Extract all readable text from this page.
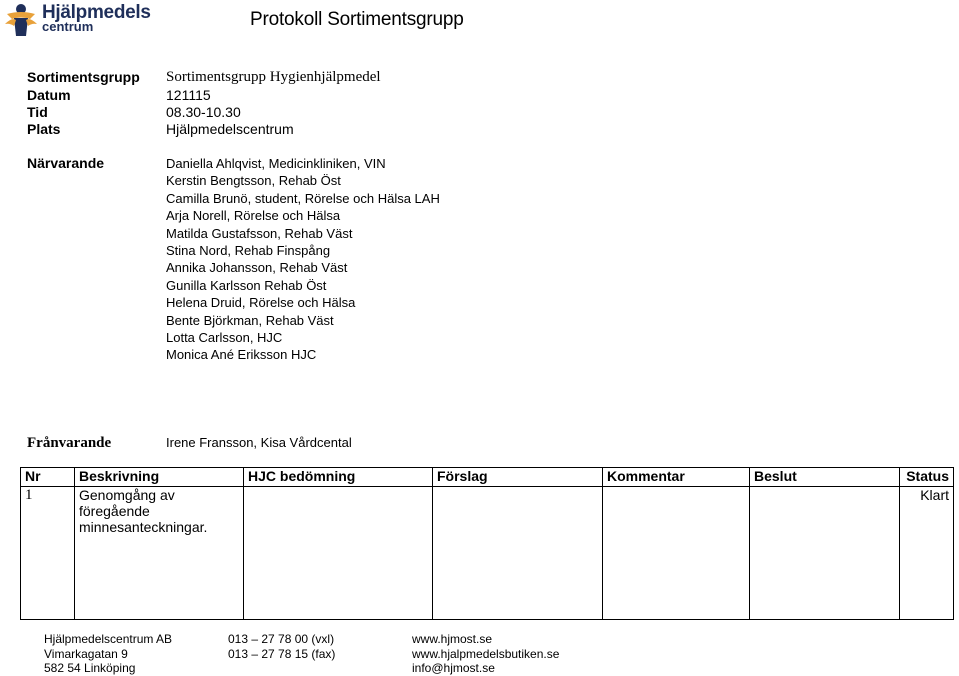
Hjälpmedels
centrum	Protokoll Sortimentsgrupp
Sortimentsgrupp Sortimentsgrupp Hygienhjälpmedel
Datum	121115
Tid	08.30-10.30
Plats	Hjälpmedelscentrum
Närvarande	Daniella Ahlqvist, Medicinkliniken, VIN
Kerstin Bengtsson, Rehab Öst
Camilla Brunö, student, Rörelse och Hälsa LAH
Arja Norell, Rörelse och Hälsa
Matilda Gustafsson, Rehab Väst
Stina Nord, Rehab Finspång
Annika Johansson, Rehab Väst
Gunilla Karlsson Rehab Öst
Helena Druid, Rörelse och Hälsa
Bente Björkman, Rehab Väst
Lotta Carlsson, HJC
Monica Ané Eriksson HJC
Frånvarande	Irene Fransson, Kisa Vårdcental
Nr	Beskrivning	HJC bedömning	Förslag	Kommentar	Beslut	Status
1	Genomgång av föregående minnesanteckningar.					Klart
Hjälpmedelscentrum AB
Vimarkagatan 9
582 54 Linköping
013 – 27 78 00 (vxl)
013 – 27 78 15 (fax)
www.hjmost.se
www.hjalpmedelsbutiken.se
info@hjmost.se
